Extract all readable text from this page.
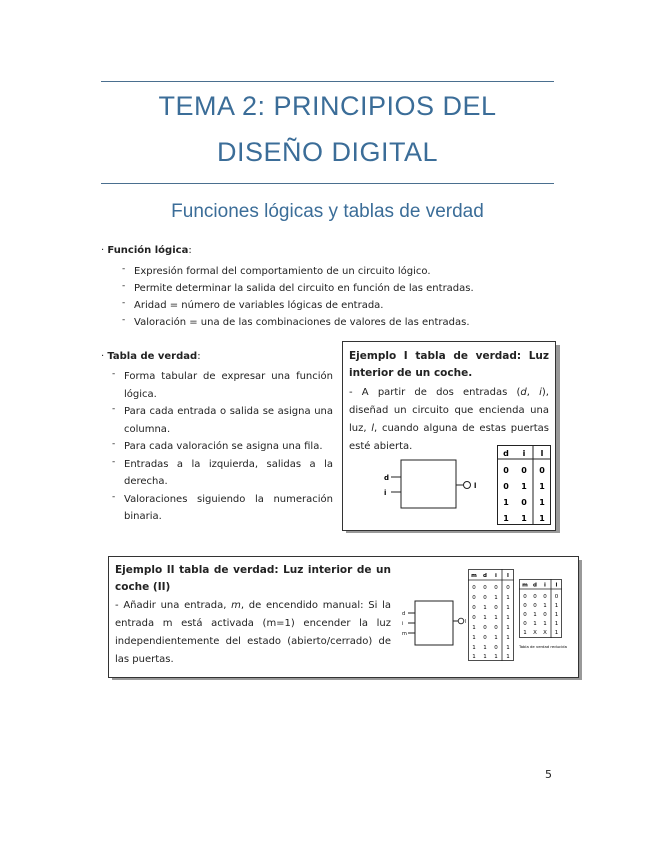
TEMA 2: PRINCIPIOS DEL
DISEÑO DIGITAL
Funciones lógicas y tablas de verdad
· Función lógica:
- Expresión formal del comportamiento de un circuito lógico.
- Permite determinar la salida del circuito en función de las entradas.
- Aridad = número de variables lógicas de entrada.
- Valoración = una de las combinaciones de valores de las entradas.
· Tabla de verdad:
- Forma tabular de expresar una función lógica.
- Para cada entrada o salida se asigna una columna.
- Para cada valoración se asigna una fila.
- Entradas a la izquierda, salidas a la derecha.
- Valoraciones siguiendo la numeración binaria.
Ejemplo I tabla de verdad: Luz interior de un coche.
- A partir de dos entradas (d, i), diseñad un circuito que encienda una luz, l, cuando alguna de estas puertas esté abierta.
d
i
l
d i l
0 0 0
0 1 1
1 0 1
1 1 1
Ejemplo II tabla de verdad: Luz interior de un coche (II)
- Añadir una entrada, m, de encendido manual: Si la entrada m está activada (m=1) encender la luz independientemente del estado (abierto/cerrado) de las puertas.
d
i
m
l
m d i l
0 0 0 0
0 0 1 1
0 1 0 1
0 1 1 1
1 0 0 1
1 0 1 1
1 1 0 1
1 1 1 1
m d i l
0 0 0 0
0 0 1 1
0 1 0 1
0 1 1 1
1 X X 1
Tabla de verdad reducida
5
